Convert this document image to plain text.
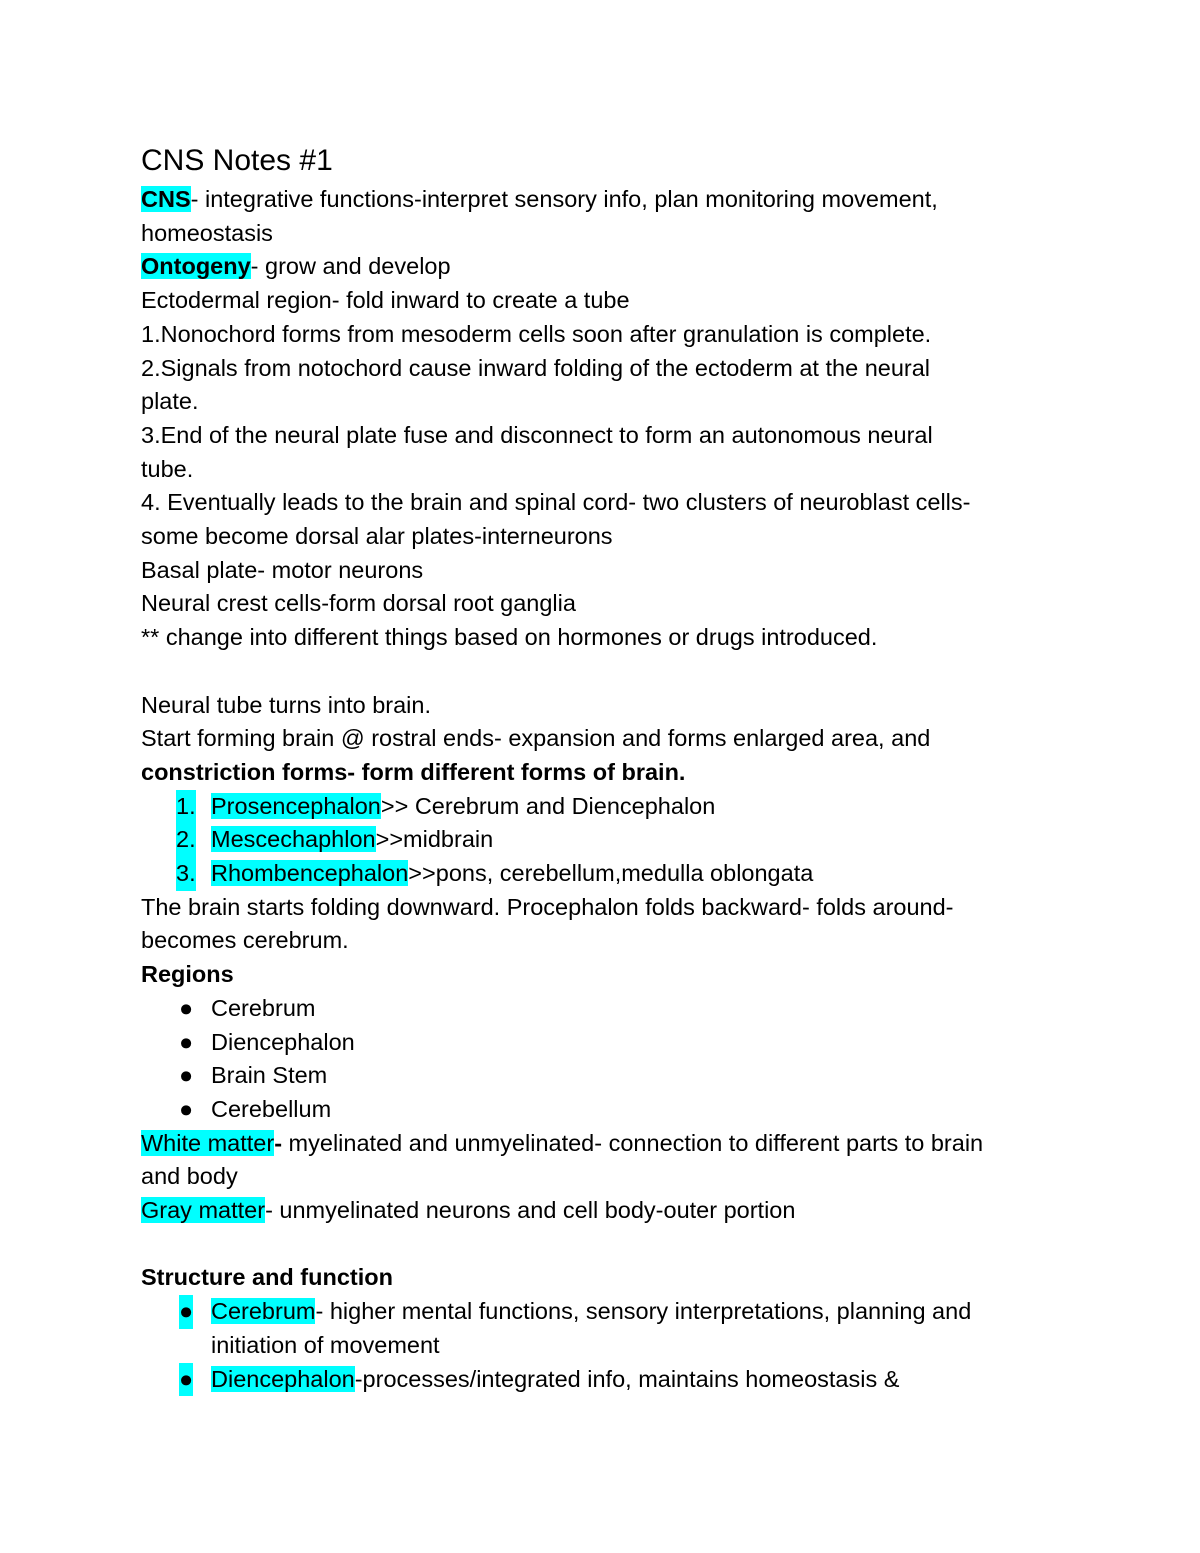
CNS Notes #1
CNS- integrative functions-interpret sensory info, plan monitoring movement,
homeostasis
Ontogeny- grow and develop
Ectodermal region- fold inward to create a tube
1.Nonochord forms from mesoderm cells soon after granulation is complete.
2.Signals from notochord cause inward folding of the ectoderm at the neural
plate.
3.End of the neural plate fuse and disconnect to form an autonomous neural
tube.
4. Eventually leads to the brain and spinal cord- two clusters of neuroblast cells-
some become dorsal alar plates-interneurons
Basal plate- motor neurons
Neural crest cells-form dorsal root ganglia
** change into different things based on hormones or drugs introduced.
Neural tube turns into brain.
Start forming brain @ rostral ends- expansion and forms enlarged area, and
constriction forms- form different forms of brain.
1. Prosencephalon>> Cerebrum and Diencephalon
2. Mescechaphlon>>midbrain
3. Rhombencephalon>>pons, cerebellum,medulla oblongata
The brain starts folding downward. Procephalon folds backward- folds around-
becomes cerebrum.
Regions
● Cerebrum
● Diencephalon
● Brain Stem
● Cerebellum
White matter- myelinated and unmyelinated- connection to different parts to brain
and body
Gray matter- unmyelinated neurons and cell body-outer portion
Structure and function
● Cerebrum- higher mental functions, sensory interpretations, planning and
initiation of movement
● Diencephalon-processes/integrated info, maintains homeostasis &
